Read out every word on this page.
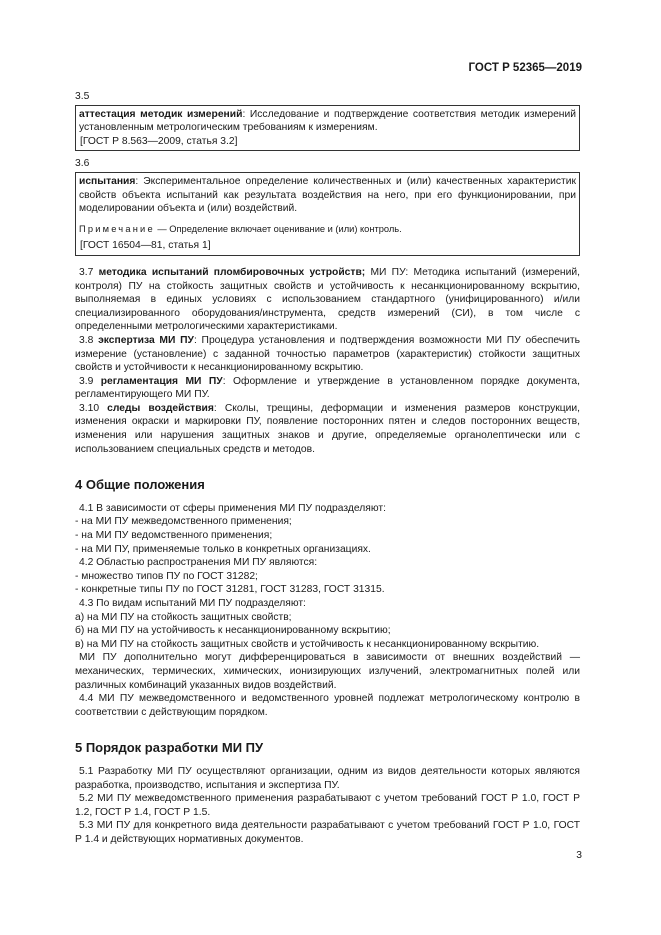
ГОСТ Р 52365—2019
3.5

аттестация методик измерений: Исследование и подтверждение соответствия методик измерений установленным метрологическим требованиям к измерениям.

[ГОСТ Р 8.563—2009, статья 3.2]

3.6

испытания: Экспериментальное определение количественных и (или) качественных характеристик свойств объекта испытаний как результата воздействия на него, при его функционировании, при моделировании объекта и (или) воздействий.

Примечание — Определение включает оценивание и (или) контроль.

[ГОСТ 16504—81, статья 1]

3.7 методика испытаний пломбировочных устройств; МИ ПУ: Методика испытаний (измерений, контроля) ПУ на стойкость защитных свойств и устойчивость к несанкционированному вскрытию, выполняемая в единых условиях с использованием стандартного (унифицированного) и/или специализированного оборудования/инструмента, средств измерений (СИ), в том числе с определенными метрологическими характеристиками.

3.8 экспертиза МИ ПУ: Процедура установления и подтверждения возможности МИ ПУ обеспечить измерение (установление) с заданной точностью параметров (характеристик) стойкости защитных свойств и устойчивости к несанкционированному вскрытию.

3.9 регламентация МИ ПУ: Оформление и утверждение в установленном порядке документа, регламентирующего МИ ПУ.

3.10 следы воздействия: Сколы, трещины, деформации и изменения размеров конструкции, изменения окраски и маркировки ПУ, появление посторонних пятен и следов посторонних веществ, изменения или нарушения защитных знаков и другие, определяемые органолептически или с использованием специальных средств и методов.

4 Общие положения

4.1 В зависимости от сферы применения МИ ПУ подразделяют:

- на МИ ПУ межведомственного применения;

- на МИ ПУ ведомственного применения;

- на МИ ПУ, применяемые только в конкретных организациях.

4.2 Областью распространения МИ ПУ являются:

- множество типов ПУ по ГОСТ 31282;

- конкретные типы ПУ по ГОСТ 31281, ГОСТ 31283, ГОСТ 31315.

4.3 По видам испытаний МИ ПУ подразделяют:

а) на МИ ПУ на стойкость защитных свойств;

б) на МИ ПУ на устойчивость к несанкционированному вскрытию;

в) на МИ ПУ на стойкость защитных свойств и устойчивость к несанкционированному вскрытию.

МИ ПУ дополнительно могут дифференцироваться в зависимости от внешних воздействий — механических, термических, химических, ионизирующих излучений, электромагнитных полей или различных комбинаций указанных видов воздействий.

4.4 МИ ПУ межведомственного и ведомственного уровней подлежат метрологическому контролю в соответствии с действующим порядком.

5 Порядок разработки МИ ПУ

5.1 Разработку МИ ПУ осуществляют организации, одним из видов деятельности которых являются разработка, производство, испытания и экспертиза ПУ.

5.2 МИ ПУ межведомственного применения разрабатывают с учетом требований ГОСТ Р 1.0, ГОСТ Р 1.2, ГОСТ Р 1.4, ГОСТ Р 1.5.

5.3 МИ ПУ для конкретного вида деятельности разрабатывают с учетом требований ГОСТ Р 1.0, ГОСТ Р 1.4 и действующих нормативных документов.

3
